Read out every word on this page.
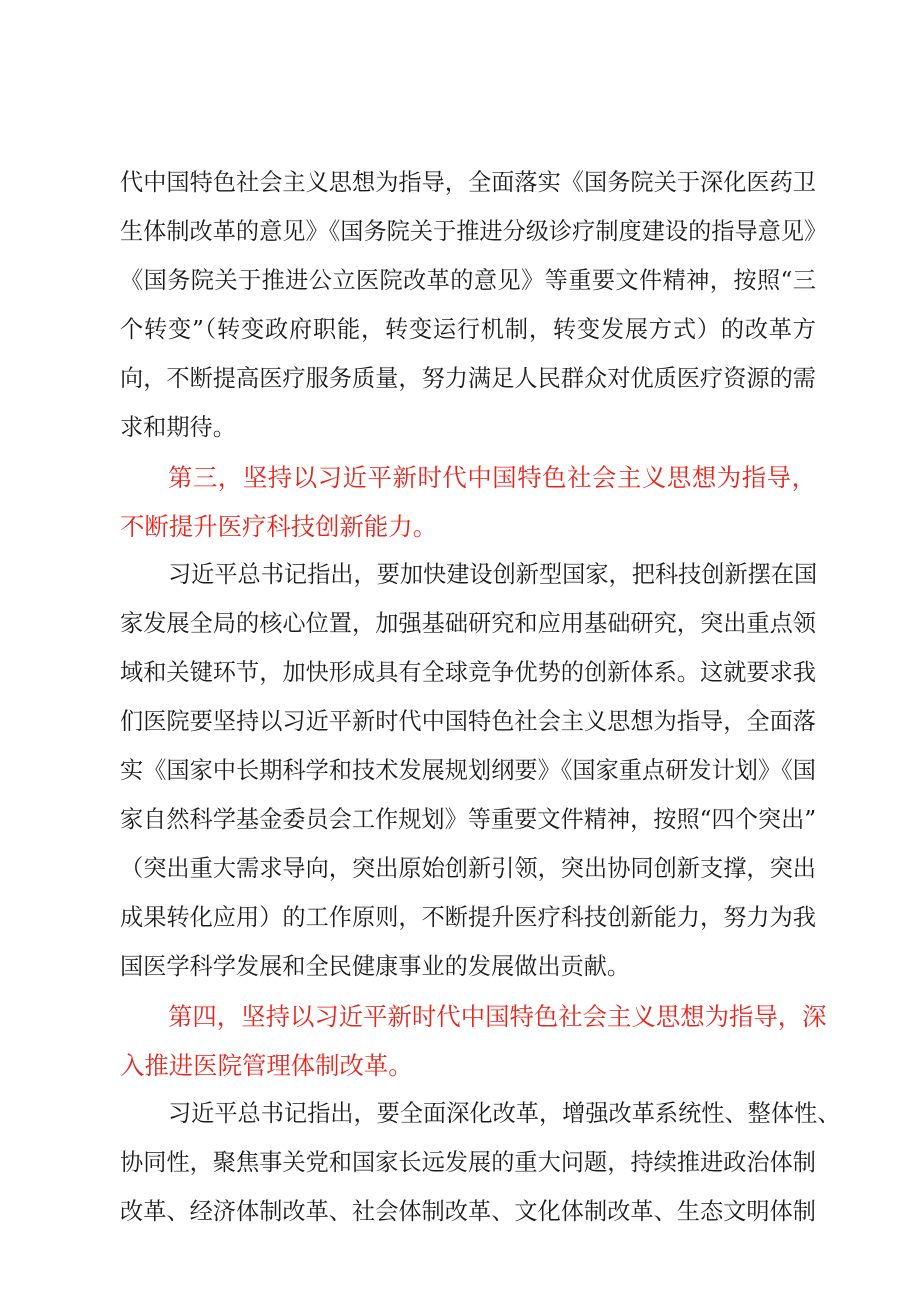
代中国特色社会主义思想为指导，全面落实《国务院关于深化医药卫
生体制改革的意见》《国务院关于推进分级诊疗制度建设的指导意见》
《国务院关于推进公立医院改革的意见》等重要文件精神，按照“三
个转变”（转变政府职能，转变运行机制，转变发展方式）的改革方
向，不断提高医疗服务质量，努力满足人民群众对优质医疗资源的需
求和期待。
第三，坚持以习近平新时代中国特色社会主义思想为指导，
不断提升医疗科技创新能力。
习近平总书记指出，要加快建设创新型国家，把科技创新摆在国
家发展全局的核心位置，加强基础研究和应用基础研究，突出重点领
域和关键环节，加快形成具有全球竞争优势的创新体系。这就要求我
们医院要坚持以习近平新时代中国特色社会主义思想为指导，全面落
实《国家中长期科学和技术发展规划纲要》《国家重点研发计划》《国
家自然科学基金委员会工作规划》等重要文件精神，按照“四个突出”
（突出重大需求导向，突出原始创新引领，突出协同创新支撑，突出
成果转化应用）的工作原则，不断提升医疗科技创新能力，努力为我
国医学科学发展和全民健康事业的发展做出贡献。
第四，坚持以习近平新时代中国特色社会主义思想为指导，深
入推进医院管理体制改革。
习近平总书记指出，要全面深化改革，增强改革系统性、整体性、
协同性，聚焦事关党和国家长远发展的重大问题，持续推进政治体制
改革、经济体制改革、社会体制改革、文化体制改革、生态文明体制
